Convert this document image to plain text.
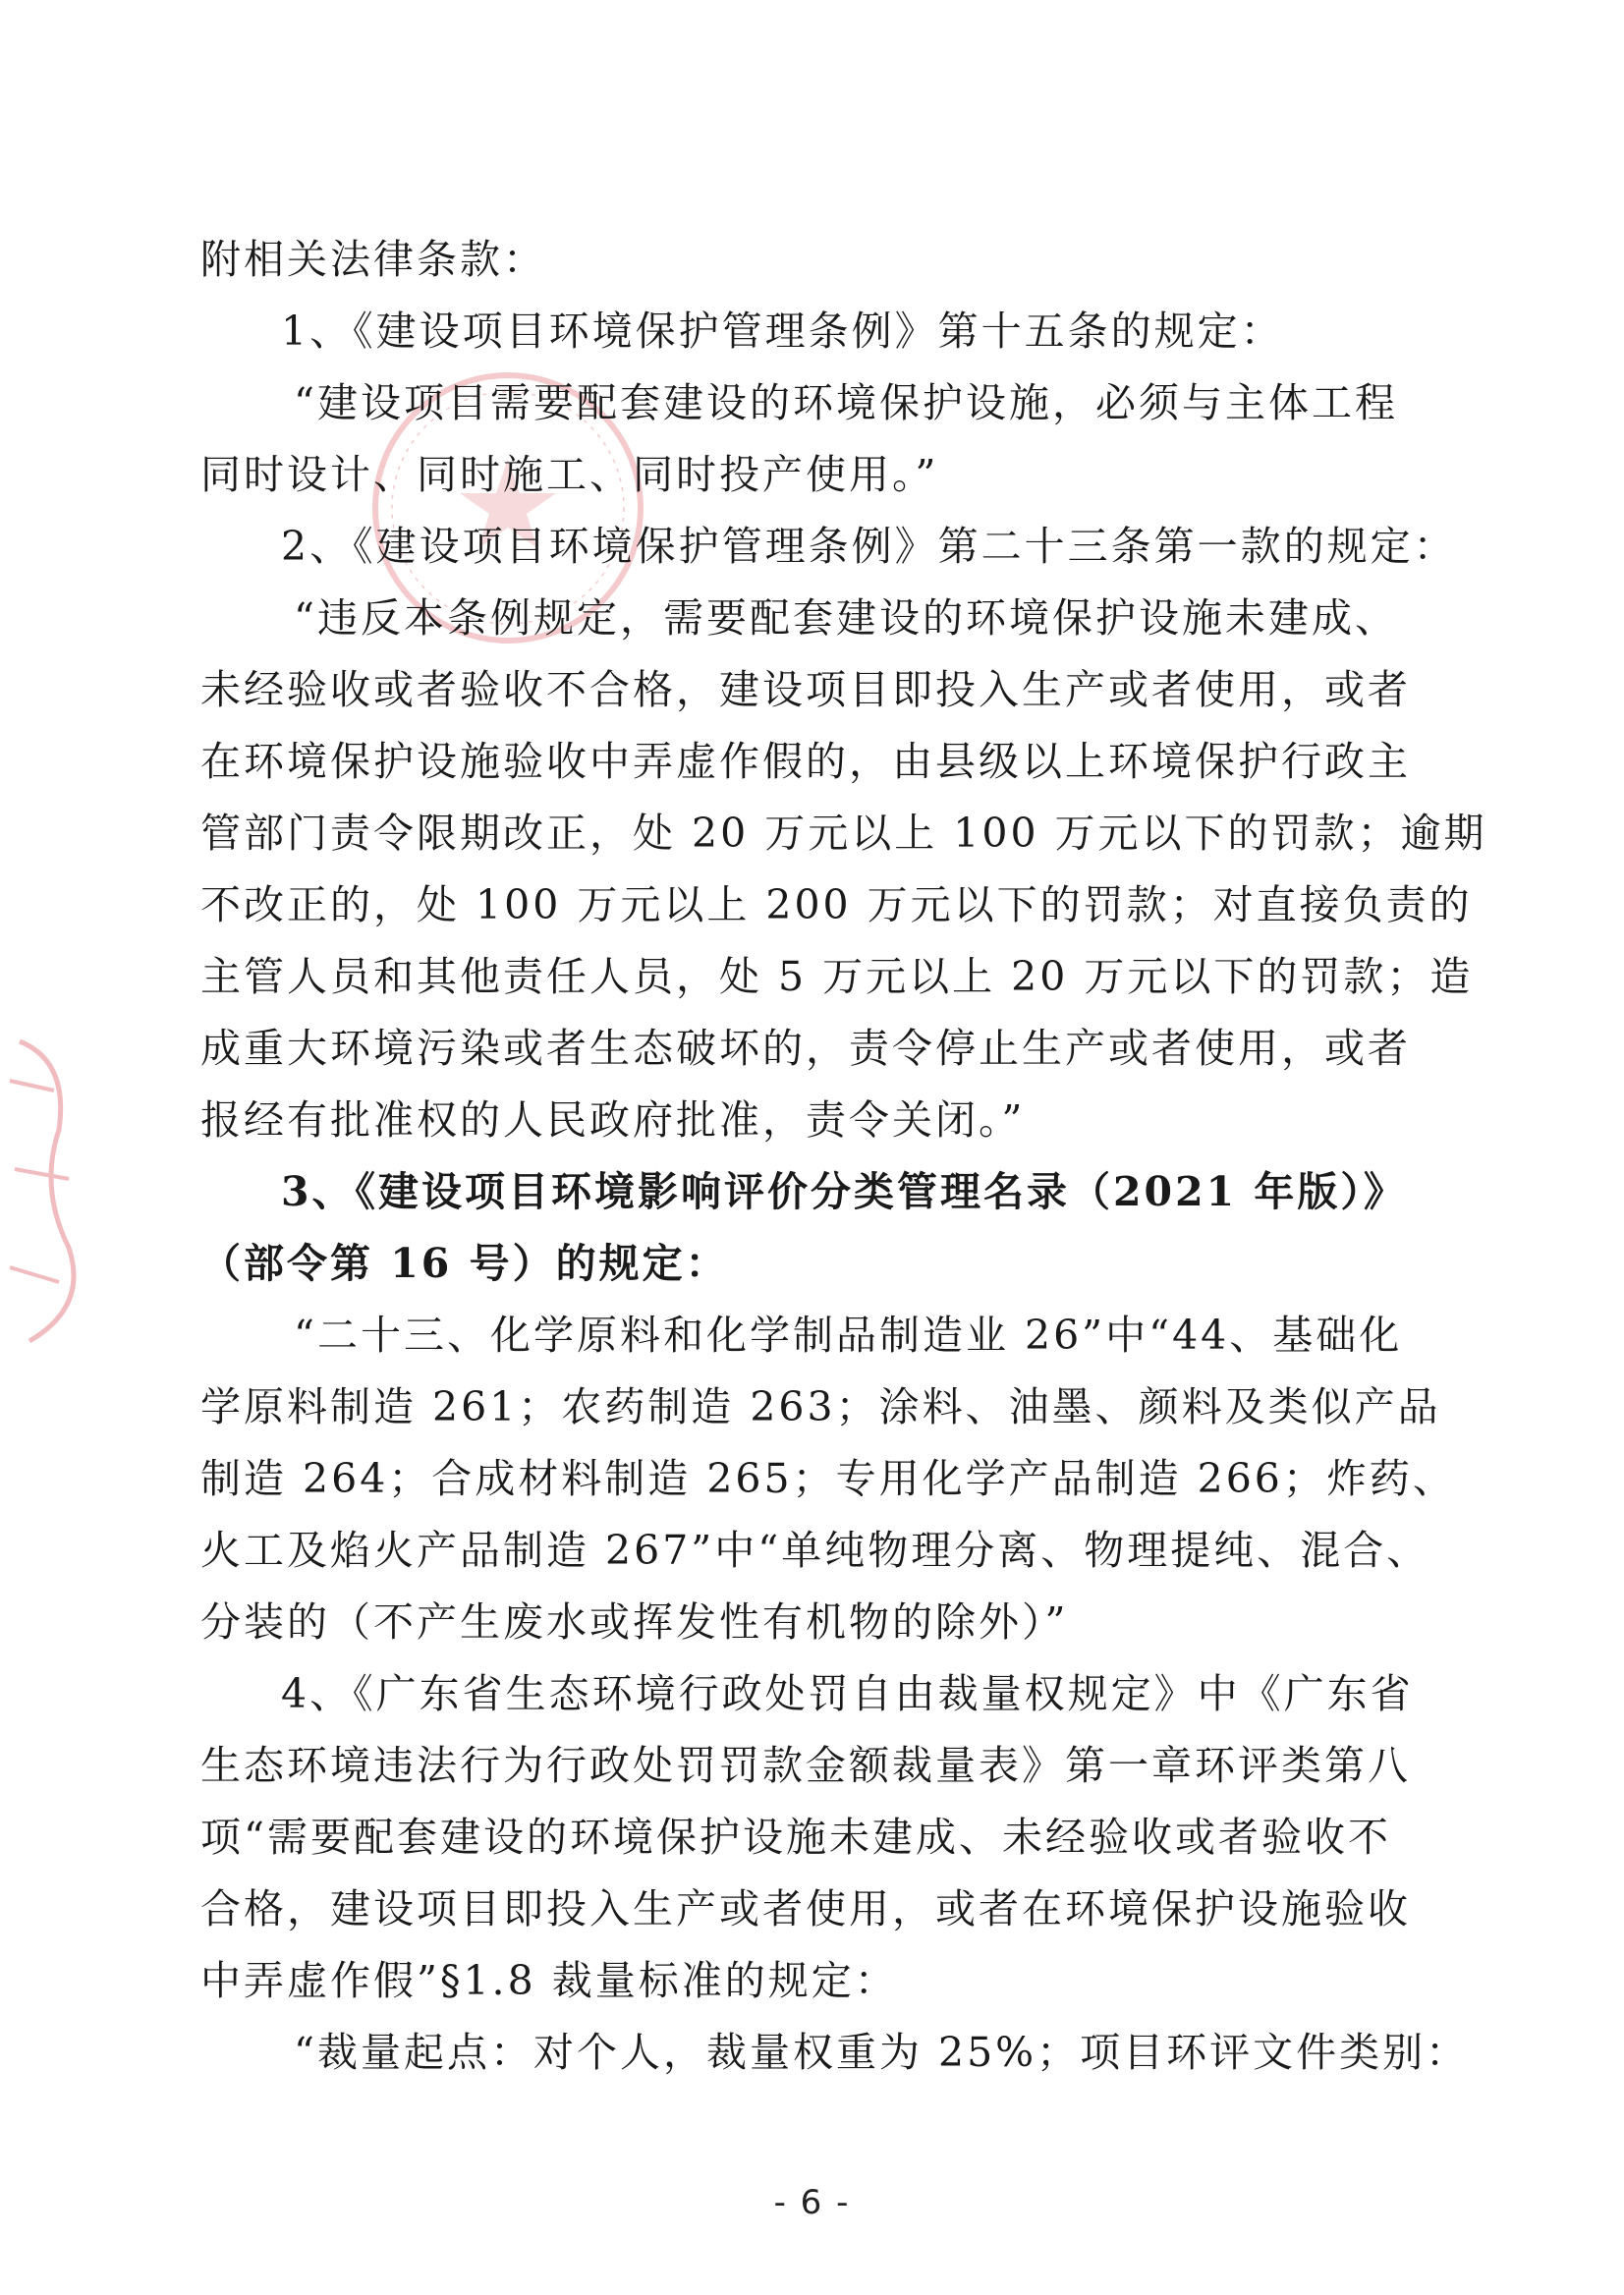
附相关法律条款：
1、《建设项目环境保护管理条例》第十五条的规定：
“建设项目需要配套建设的环境保护设施，必须与主体工程
同时设计、同时施工、同时投产使用。”
2、《建设项目环境保护管理条例》第二十三条第一款的规定：
“违反本条例规定，需要配套建设的环境保护设施未建成、
未经验收或者验收不合格，建设项目即投入生产或者使用，或者
在环境保护设施验收中弄虚作假的，由县级以上环境保护行政主
管部门责令限期改正，处 20 万元以上 100 万元以下的罚款；逾期
不改正的，处 100 万元以上 200 万元以下的罚款；对直接负责的
主管人员和其他责任人员，处 5 万元以上 20 万元以下的罚款；造
成重大环境污染或者生态破坏的，责令停止生产或者使用，或者
报经有批准权的人民政府批准，责令关闭。”
3、《建设项目环境影响评价分类管理名录（2021 年版）》
（部令第 16 号）的规定：
“二十三、化学原料和化学制品制造业 26”中“44、基础化
学原料制造 261；农药制造 263；涂料、油墨、颜料及类似产品
制造 264；合成材料制造 265；专用化学产品制造 266；炸药、
火工及焰火产品制造 267”中“单纯物理分离、物理提纯、混合、
分装的（不产生废水或挥发性有机物的除外）”
4、《广东省生态环境行政处罚自由裁量权规定》中《广东省
生态环境违法行为行政处罚罚款金额裁量表》第一章环评类第八
项“需要配套建设的环境保护设施未建成、未经验收或者验收不
合格，建设项目即投入生产或者使用，或者在环境保护设施验收
中弄虚作假”§1.8 裁量标准的规定：
“裁量起点：对个人，裁量权重为 25%；项目环评文件类别：
- 6 -
